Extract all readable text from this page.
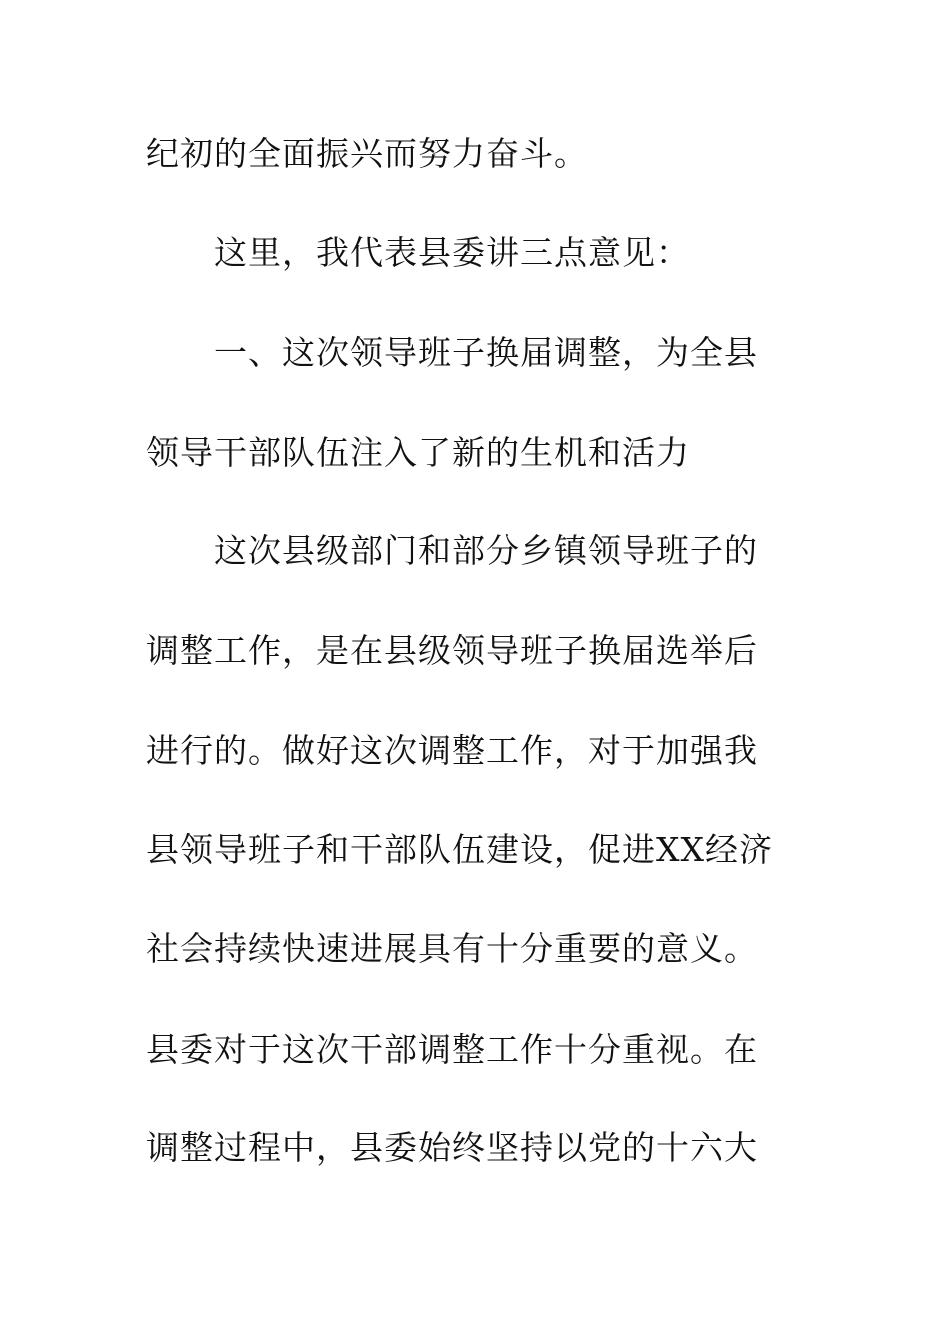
纪初的全面振兴而努力奋斗。
这里，我代表县委讲三点意见：
一、这次领导班子换届调整，为全县
领导干部队伍注入了新的生机和活力
这次县级部门和部分乡镇领导班子的
调整工作，是在县级领导班子换届选举后
进行的。做好这次调整工作，对于加强我
县领导班子和干部队伍建设，促进XX经济
社会持续快速进展具有十分重要的意义。
县委对于这次干部调整工作十分重视。在
调整过程中，县委始终坚持以党的十六大
